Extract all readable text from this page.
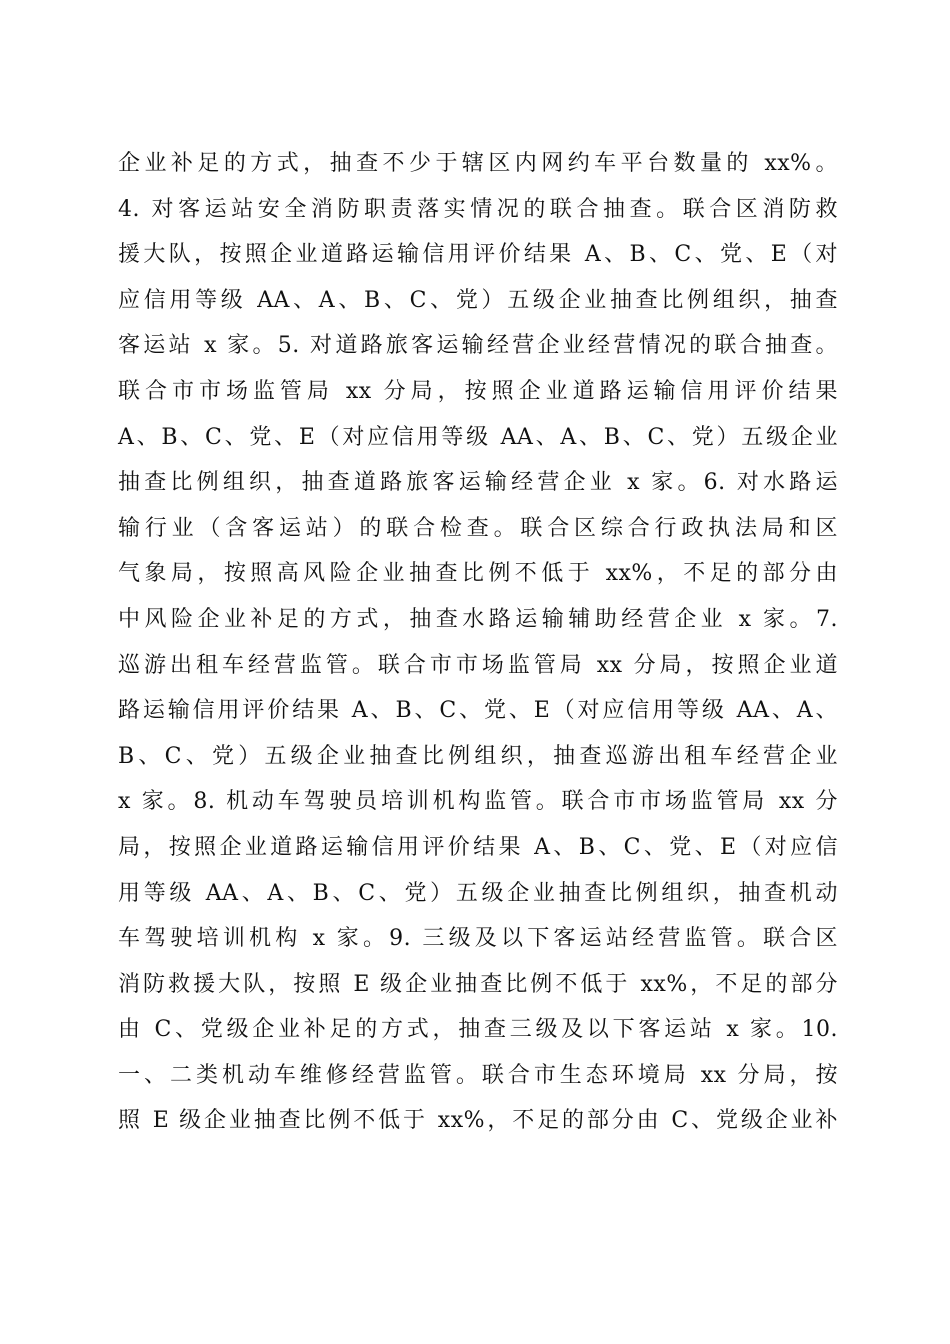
企业补足的方式，抽查不少于辖区内网约车平台数量的 xx%。
4. 对客运站安全消防职责落实情况的联合抽查。联合区消防救
援大队，按照企业道路运输信用评价结果 A、B、C、党、E（对
应信用等级 AA、A、B、C、党）五级企业抽查比例组织，抽查
客运站 x 家。5. 对道路旅客运输经营企业经营情况的联合抽查。
联合市市场监管局 xx 分局，按照企业道路运输信用评价结果
A、B、C、党、E（对应信用等级 AA、A、B、C、党）五级企业
抽查比例组织，抽查道路旅客运输经营企业 x 家。6. 对水路运
输行业（含客运站）的联合检查。联合区综合行政执法局和区
气象局，按照高风险企业抽查比例不低于 xx%，不足的部分由
中风险企业补足的方式，抽查水路运输辅助经营企业 x 家。7.
巡游出租车经营监管。联合市市场监管局 xx 分局，按照企业道
路运输信用评价结果 A、B、C、党、E（对应信用等级 AA、A、
B、C、党）五级企业抽查比例组织，抽查巡游出租车经营企业
x 家。8. 机动车驾驶员培训机构监管。联合市市场监管局 xx 分
局，按照企业道路运输信用评价结果 A、B、C、党、E（对应信
用等级 AA、A、B、C、党）五级企业抽查比例组织，抽查机动
车驾驶培训机构 x 家。9. 三级及以下客运站经营监管。联合区
消防救援大队，按照 E 级企业抽查比例不低于 xx%，不足的部分
由 C、党级企业补足的方式，抽查三级及以下客运站 x 家。10.
一、二类机动车维修经营监管。联合市生态环境局 xx 分局，按
照 E 级企业抽查比例不低于 xx%，不足的部分由 C、党级企业补
